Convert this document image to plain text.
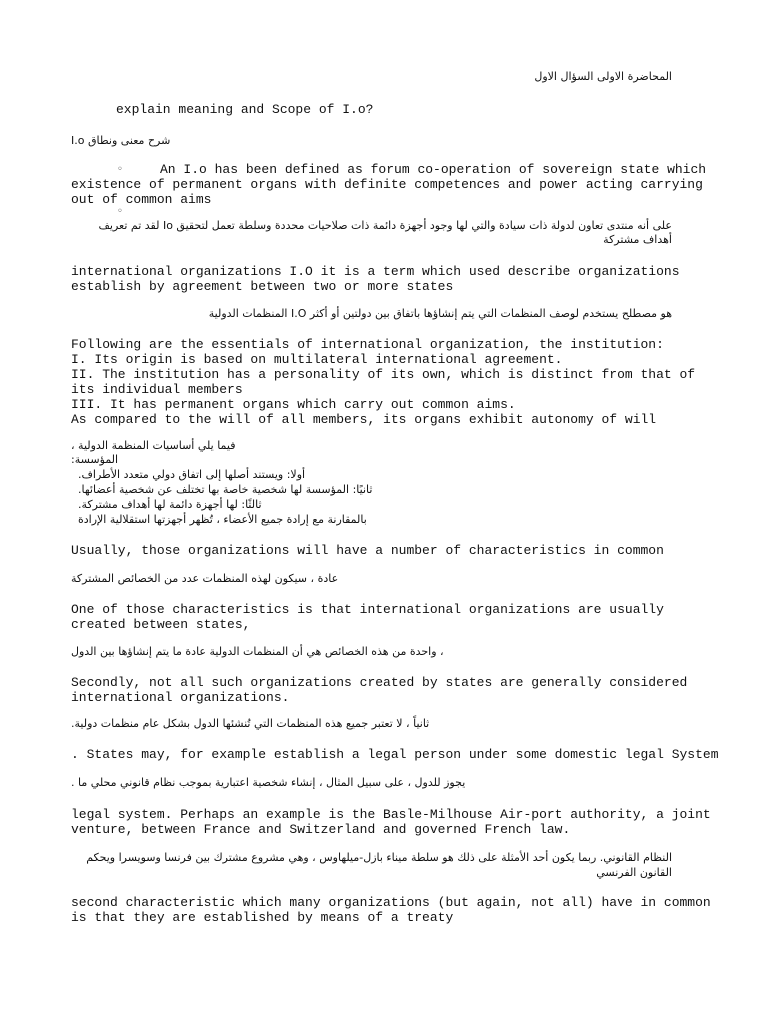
المحاضرة الاولى السؤال الاول
explain meaning and Scope of I.o?
شرح معنى ونطاق I.o
◦	An I.o has been defined as forum co-operation of sovereign state which
existence of permanent organs with definite competences and power acting carrying
out of common aims
◦
على أنه منتدى تعاون لدولة ذات سيادة والتي لها وجود أجهزة دائمة ذات صلاحيات محددة وسلطة تعمل لتحقيق Io لقد تم تعريف
أهداف مشتركة
international organizations I.O it is a term which used describe organizations
establish by agreement between two or more states
هو مصطلح يستخدم لوصف المنظمات التي يتم إنشاؤها باتفاق بين دولتين أو أكثر I.O المنظمات الدولية
Following are the essentials of international organization, the institution:
I. Its origin is based on multilateral international agreement.
II. The institution has a personality of its own, which is distinct from that of
its individual members
III. It has permanent organs which carry out common aims.
As compared to the will of all members, its organs exhibit autonomy of will
فيما يلي أساسيات المنظمة الدولية ،
المؤسسة:
أولا: ويستند أصلها إلى اتفاق دولي متعدد الأطراف.
ثانيًا: المؤسسة لها شخصية خاصة بها تختلف عن شخصية أعضائها.
ثالثًا: لها أجهزة دائمة لها أهداف مشتركة.
بالمقارنة مع إرادة جميع الأعضاء ، تُظهر أجهزتها استقلالية الإرادة
Usually, those organizations will have a number of characteristics in common
عادة ، سيكون لهذه المنظمات عدد من الخصائص المشتركة
One of those characteristics is that international organizations are usually
created between states,
، واحدة من هذه الخصائص هي أن المنظمات الدولية عادة ما يتم إنشاؤها بين الدول
Secondly, not all such organizations created by states are generally considered
international organizations.
ثانياً ، لا تعتبر جميع هذه المنظمات التي تُنشئها الدول بشكل عام منظمات دولية.
. States may, for example establish a legal person under some domestic legal System
يجوز للدول ، على سبيل المثال ، إنشاء شخصية اعتبارية بموجب نظام قانوني محلي ما .
legal system. Perhaps an example is the Basle-Milhouse Air-port authority, a joint
venture, between France and Switzerland and governed French law.
النظام القانوني. ربما يكون أحد الأمثلة على ذلك هو سلطة ميناء بازل-ميلهاوس ، وهي مشروع مشترك بين فرنسا وسويسرا ويحكم
القانون الفرنسي
second characteristic which many organizations (but again, not all) have in common
is that they are established by means of a treaty
